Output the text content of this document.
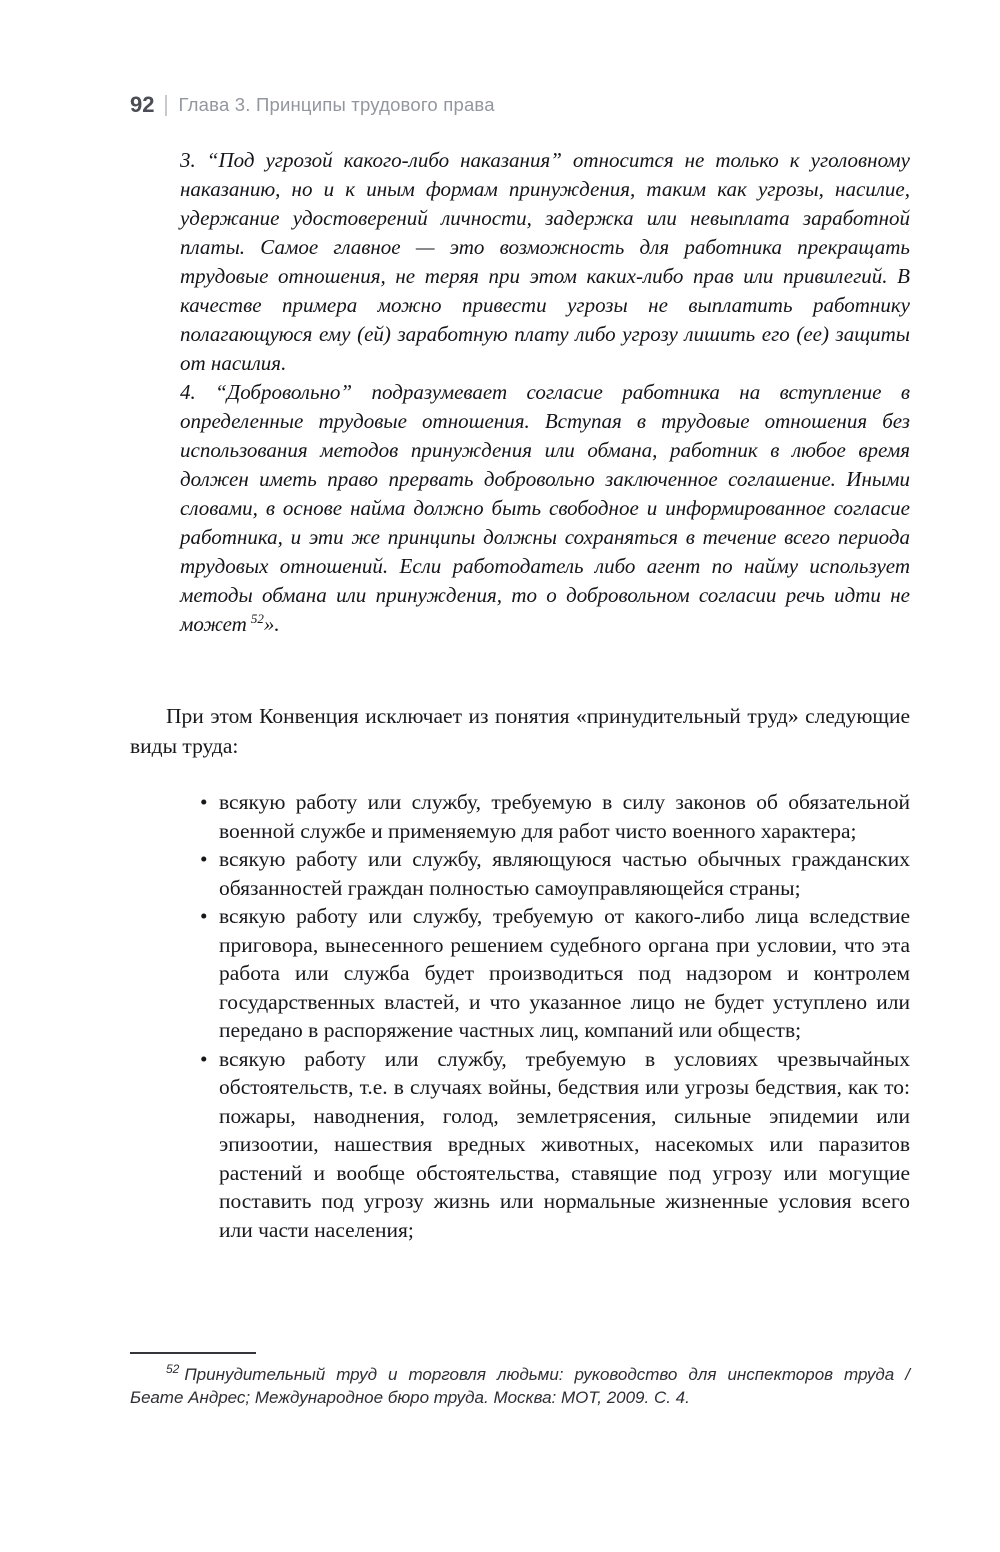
92 Глава 3. Принципы трудового права

3. “Под угрозой какого-либо наказания” относится не только к уголовному наказанию, но и к иным формам принуждения, таким как угрозы, насилие, удержание удостоверений личности, задержка или невыплата заработной платы. Самое главное — это возможность для работника прекращать трудовые отношения, не теряя при этом каких-либо прав или привилегий. В качестве примера можно привести угрозы не выплатить работнику полагающуюся ему (ей) заработную плату либо угрозу лишить его (ее) защиты от насилия.

4. “Добровольно” подразумевает согласие работника на вступление в определенные трудовые отношения. Вступая в трудовые отношения без использования методов принуждения или обмана, работник в любое время должен иметь право прервать добровольно заключенное соглашение. Иными словами, в основе найма должно быть свободное и информированное согласие работника, и эти же принципы должны сохраняться в течение всего периода трудовых отношений. Если работодатель либо агент по найму использует методы обмана или принуждения, то о добровольном согласии речь идти не может $^{52}$».

При этом Конвенция исключает из понятия «принудительный труд» следующие виды труда:

• всякую работу или службу, требуемую в силу законов об обязательной военной службе и применяемую для работ чисто военного характера;
• всякую работу или службу, являющуюся частью обычных гражданских обязанностей граждан полностью самоуправляющейся страны;
• всякую работу или службу, требуемую от какого-либо лица вследствие приговора, вынесенного решением судебного органа при условии, что эта работа или служба будет производиться под надзором и контролем государственных властей, и что указанное лицо не будет уступлено или передано в распоряжение частных лиц, компаний или обществ;
• всякую работу или службу, требуемую в условиях чрезвычайных обстоятельств, т.е. в случаях войны, бедствия или угрозы бедствия, как то: пожары, наводнения, голод, землетрясения, сильные эпидемии или эпизоотии, нашествия вредных животных, насекомых или паразитов растений и вообще обстоятельства, ставящие под угрозу или могущие поставить под угрозу жизнь или нормальные жизненные условия всего или части населения;

$^{52}$ Принудительный труд и торговля людьми: руководство для инспекторов труда / Беате Андрес; Международное бюро труда. Москва: МОТ, 2009. С. 4.
